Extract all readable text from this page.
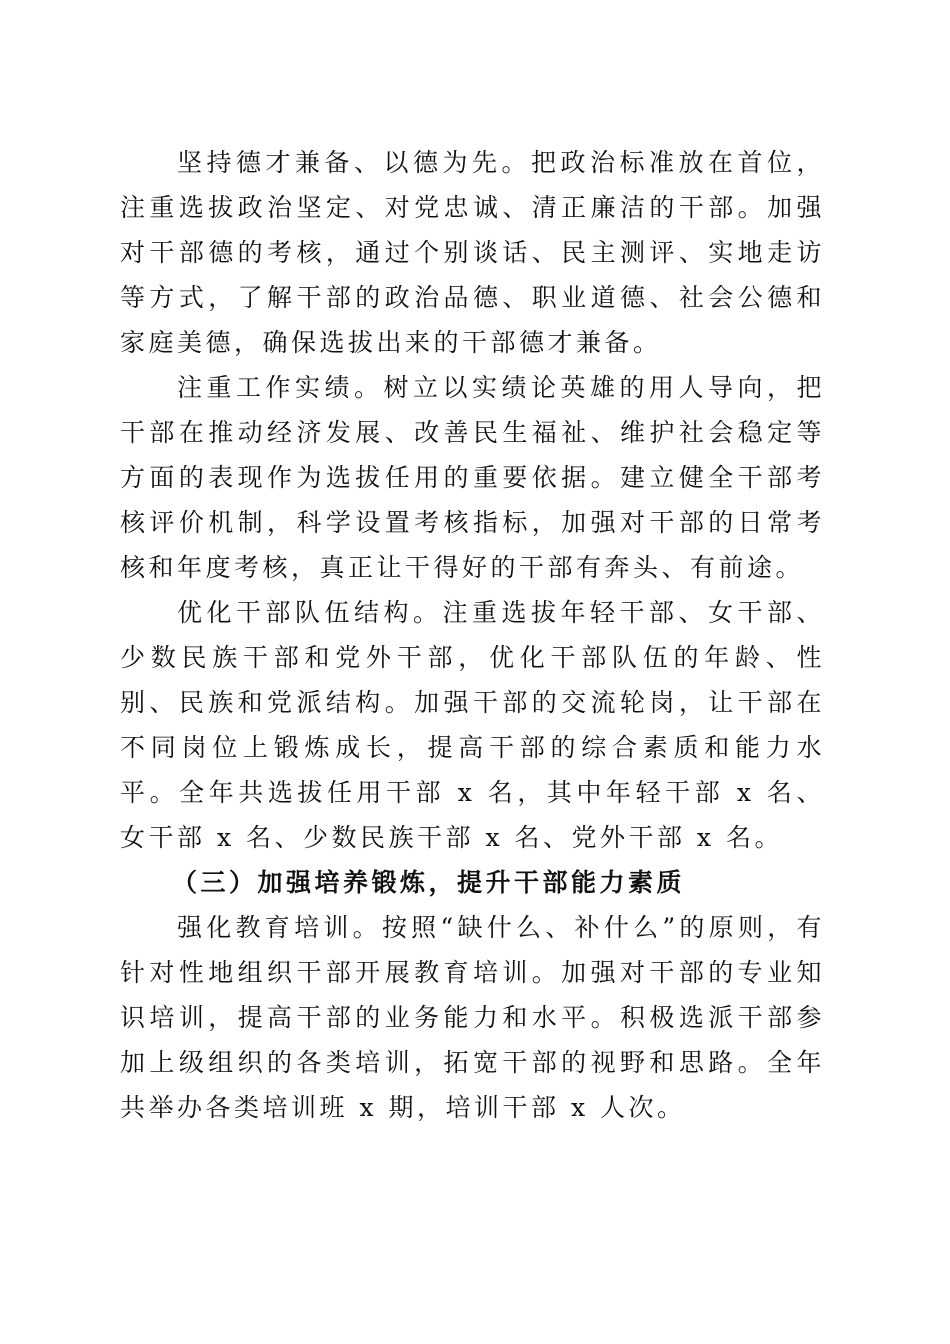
坚持德才兼备、以德为先。把政治标准放在首位，注重选拔政治坚定、对党忠诚、清正廉洁的干部。加强对干部德的考核，通过个别谈话、民主测评、实地走访等方式，了解干部的政治品德、职业道德、社会公德和家庭美德，确保选拔出来的干部德才兼备。

注重工作实绩。树立以实绩论英雄的用人导向，把干部在推动经济发展、改善民生福祉、维护社会稳定等方面的表现作为选拔任用的重要依据。建立健全干部考核评价机制，科学设置考核指标，加强对干部的日常考核和年度考核，真正让干得好的干部有奔头、有前途。

优化干部队伍结构。注重选拔年轻干部、女干部、少数民族干部和党外干部，优化干部队伍的年龄、性别、民族和党派结构。加强干部的交流轮岗，让干部在不同岗位上锻炼成长，提高干部的综合素质和能力水平。全年共选拔任用干部 x 名，其中年轻干部 x 名、女干部 x 名、少数民族干部 x 名、党外干部 x 名。

（三）加强培养锻炼，提升干部能力素质

强化教育培训。按照“缺什么、补什么”的原则，有针对性地组织干部开展教育培训。加强对干部的专业知识培训，提高干部的业务能力和水平。积极选派干部参加上级组织的各类培训，拓宽干部的视野和思路。全年共举办各类培训班 x 期，培训干部 x 人次。
